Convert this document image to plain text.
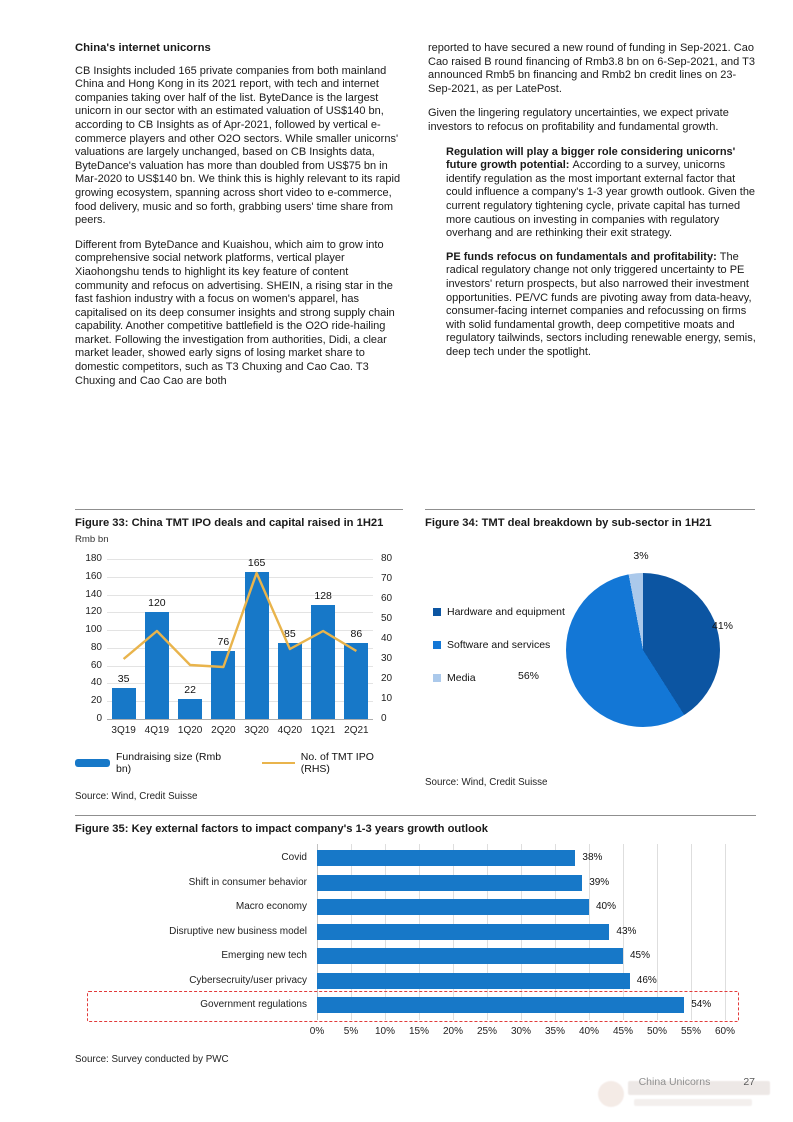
China's internet unicorns

CB Insights included 165 private companies from both mainland China and Hong Kong in its 2021 report, with tech and internet companies taking over half of the list. ByteDance is the largest unicorn in our sector with an estimated valuation of US$140 bn, according to CB Insights as of Apr-2021, followed by vertical e-commerce players and other O2O sectors. While smaller unicorns' valuations are largely unchanged, based on CB Insights data, ByteDance's valuation has more than doubled from US$75 bn in Mar-2020 to US$140 bn. We think this is highly relevant to its rapid growing ecosystem, spanning across short video to e-commerce, food delivery, music and so forth, grabbing users' time share from peers.

Different from ByteDance and Kuaishou, which aim to grow into comprehensive social network platforms, vertical player Xiaohongshu tends to highlight its key feature of content community and refocus on advertising. SHEIN, a rising star in the fast fashion industry with a focus on women's apparel, has capitalised on its deep consumer insights and strong supply chain capability. Another competitive battlefield is the O2O ride-hailing market. Following the investigation from authorities, Didi, a clear market leader, showed early signs of losing market share to domestic competitors, such as T3 Chuxing and Cao Cao. T3 Chuxing and Cao Cao are both

reported to have secured a new round of funding in Sep-2021. Cao Cao raised B round financing of Rmb3.8 bn on 6-Sep-2021, and T3 announced Rmb5 bn financing and Rmb2 bn credit lines on 23-Sep-2021, as per LatePost.

Given the lingering regulatory uncertainties, we expect private investors to refocus on profitability and fundamental growth.

Regulation will play a bigger role considering unicorns' future growth potential: According to a survey, unicorns identify regulation as the most important external factor that could influence a company's 1-3 year growth outlook. Given the current regulatory tightening cycle, private capital has turned more cautious on investing in companies with regulatory overhang and are rethinking their exit strategy.

PE funds refocus on fundamentals and profitability: The radical regulatory change not only triggered uncertainty to PE investors' return prospects, but also narrowed their investment opportunities. PE/VC funds are pivoting away from data-heavy, consumer-facing internet companies and refocussing on firms with solid fundamental growth, deep competitive moats and regulatory tailwinds, sectors including renewable energy, semis, deep tech under the spotlight.

Figure 33: China TMT IPO deals and capital raised in 1H21
Rmb bn
0
20
40
60
80
100
120
140
160
180
0
10
20
30
40
50
60
70
80
35
3Q19
120
4Q19
22
1Q20
76
2Q20
165
3Q20
85
4Q20
128
1Q21
86
2Q21
Fundraising size (Rmb bn)
No. of TMT IPO (RHS)
Source: Wind, Credit Suisse
Figure 34: TMT deal breakdown by sub-sector in 1H21
Hardware and equipment
Software and services
Media
3%
41%
56%
Source: Wind, Credit Suisse
Figure 35: Key external factors to impact company's 1-3 years growth outlook
0%	5%	10%	15%	20%	25%	30%	35%	40%	45%	50%	55%	60%
Covid	38%
Shift in consumer behavior	39%
Macro economy	40%
Disruptive new business model	43%
Emerging new tech	45%
Cybersecruity/user privacy	46%
Government regulations	54%
Source: Survey conducted by PWC
China Unicorns	27
